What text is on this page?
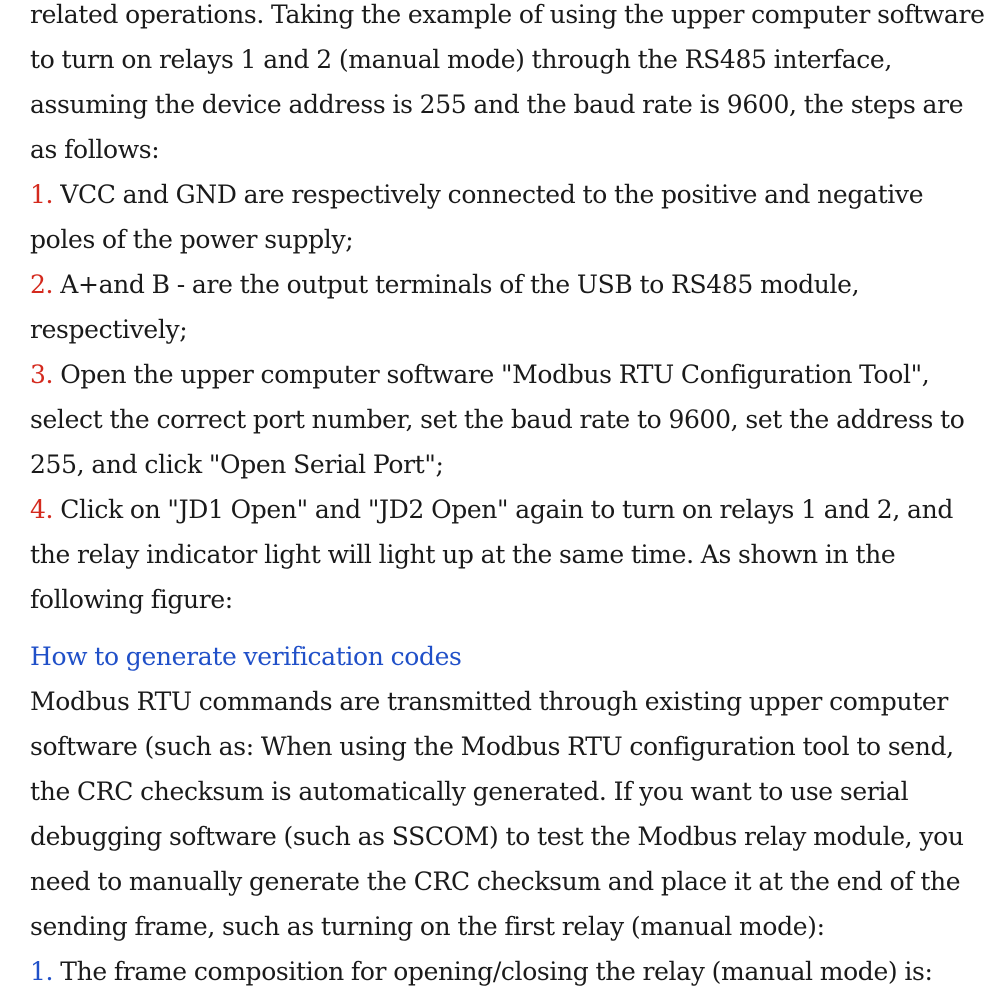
related operations. Taking the example of using the upper computer software to turn on relays 1 and 2 (manual mode) through the RS485 interface, assuming the device address is 255 and the baud rate is 9600, the steps are as follows:

1. VCC and GND are respectively connected to the positive and negative poles of the power supply;

2. A+and B - are the output terminals of the USB to RS485 module, respectively;

3. Open the upper computer software "Modbus RTU Configuration Tool", select the correct port number, set the baud rate to 9600, set the address to 255, and click "Open Serial Port";

4. Click on "JD1 Open" and "JD2 Open" again to turn on relays 1 and 2, and the relay indicator light will light up at the same time. As shown in the following figure:

How to generate verification codes

Modbus RTU commands are transmitted through existing upper computer software (such as: When using the Modbus RTU configuration tool to send, the CRC checksum is automatically generated. If you want to use serial debugging software (such as SSCOM) to test the Modbus relay module, you need to manually generate the CRC checksum and place it at the end of the sending frame, such as turning on the first relay (manual mode):

1. The frame composition for opening/closing the relay (manual mode) is:
